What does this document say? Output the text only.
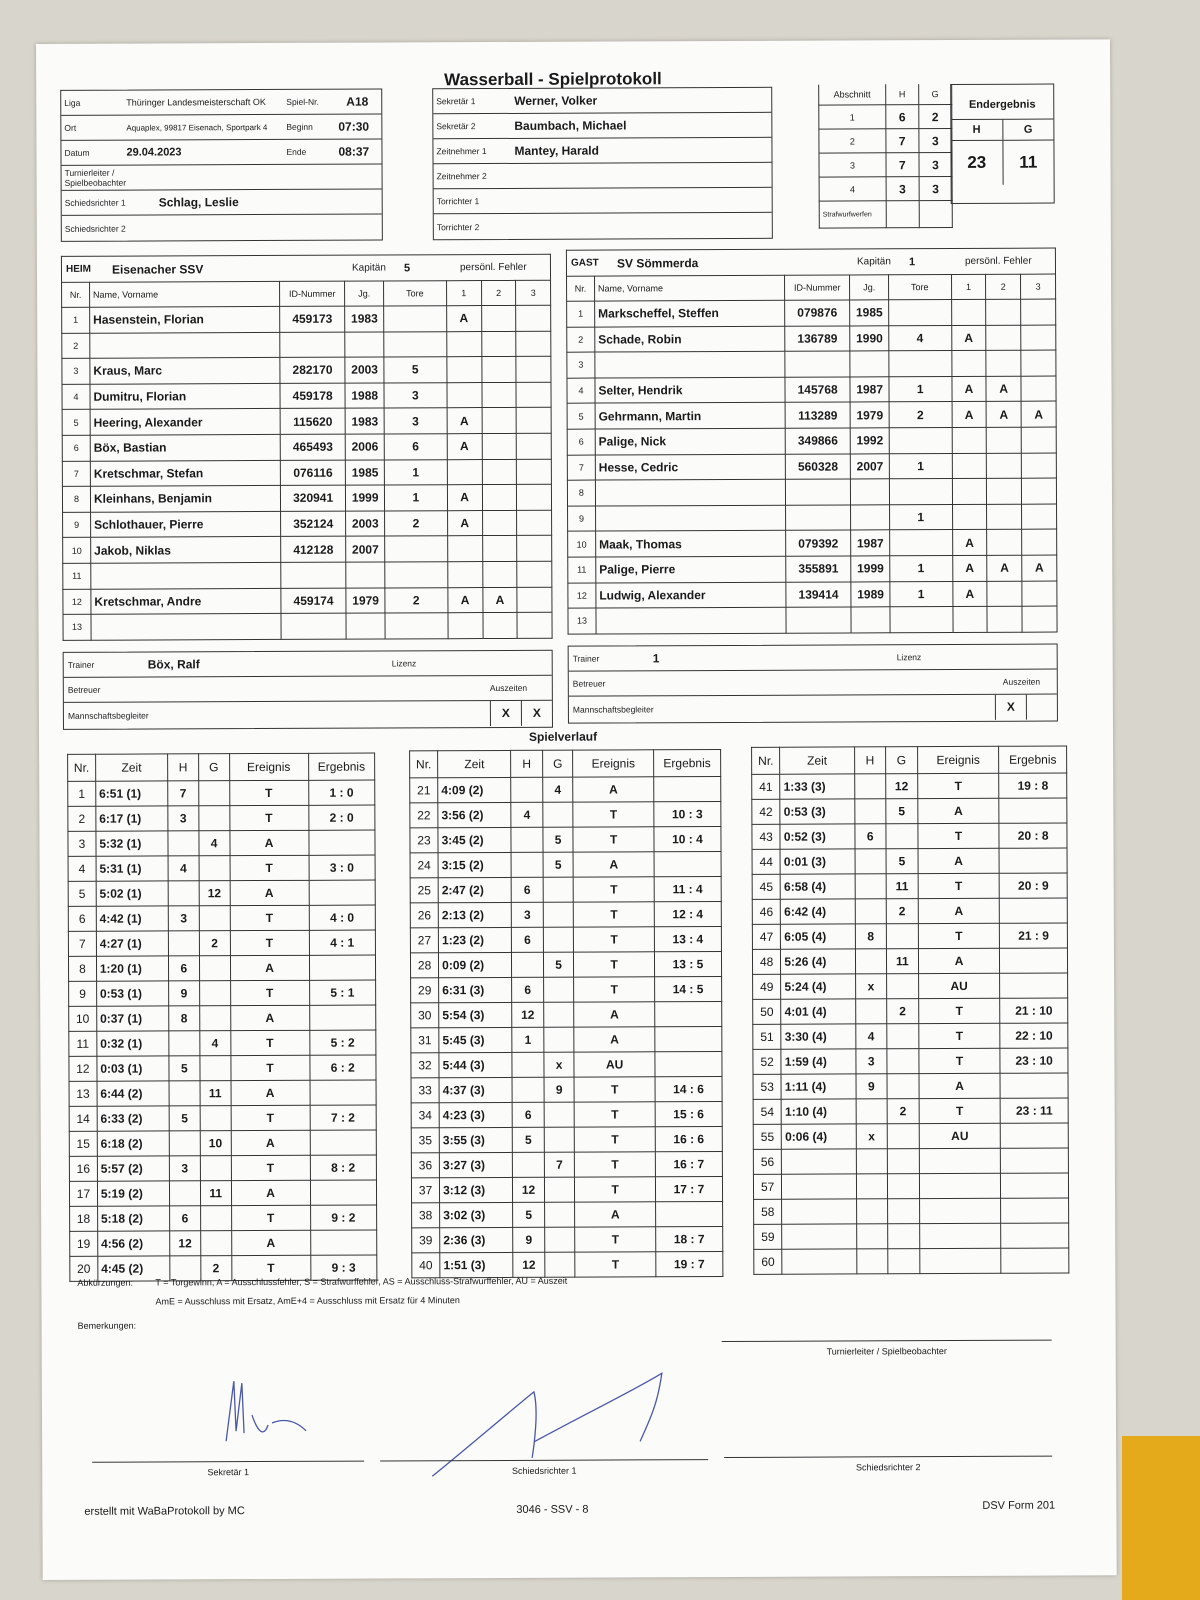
Wasserball - Spielprotokoll
Liga	Thüringer Landesmeisterschaft OK	Spiel-Nr.	A18
Ort	Aquaplex, 99817 Eisenach, Sportpark 4	Beginn	07:30
Datum	29.04.2023	Ende	08:37
Turnierleiter / Spielbeobachter
Schiedsrichter 1	Schlag, Leslie
Schiedsrichter 2
Sekretär 1	Werner, Volker
Sekretär 2	Baumbach, Michael
Zeitnehmer 1	Mantey, Harald
Zeitnehmer 2
Torrichter 1
Torrichter 2
Abschnitt	H	G
1	6	2
2	7	3
3	7	3
4	3	3
Strafwurfwerfen		
Endergebnis
H	G
23	11
HEIM	Eisenacher SSV	Kapitän	5	persönl. Fehler
Nr.	Name, Vorname	ID-Nummer	Jg.	Tore	1	2	3
1	Hasenstein, Florian	459173	1983		A		
2							
3	Kraus, Marc	282170	2003	5			
4	Dumitru, Florian	459178	1988	3			
5	Heering, Alexander	115620	1983	3	A		
6	Böx, Bastian	465493	2006	6	A		
7	Kretschmar, Stefan	076116	1985	1			
8	Kleinhans, Benjamin	320941	1999	1	A		
9	Schlothauer, Pierre	352124	2003	2	A		
10	Jakob, Niklas	412128	2007				
11							
12	Kretschmar, Andre	459174	1979	2	A	A	
13							
GAST	SV Sömmerda	Kapitän	1	persönl. Fehler
Nr.	Name, Vorname	ID-Nummer	Jg.	Tore	1	2	3
1	Markscheffel, Steffen	079876	1985				
2	Schade, Robin	136789	1990	4	A		
3							
4	Selter, Hendrik	145768	1987	1	A	A	
5	Gehrmann, Martin	113289	1979	2	A	A	A
6	Palige, Nick	349866	1992				
7	Hesse, Cedric	560328	2007	1			
8							
9				1			
10	Maak, Thomas	079392	1987		A		
11	Palige, Pierre	355891	1999	1	A	A	A
12	Ludwig, Alexander	139414	1989	1	A		
13							
Trainer	Böx, Ralf	Lizenz
Betreuer	Auszeiten
Mannschaftsbegleiter	X	X
Trainer	1	Lizenz
Betreuer	Auszeiten
Mannschaftsbegleiter	X
Spielverlauf
Nr.	Zeit	H	G	Ereignis	Ergebnis
1	6:51 (1)	7		T	1 : 0
2	6:17 (1)	3		T	2 : 0
3	5:32 (1)		4	A	
4	5:31 (1)	4		T	3 : 0
5	5:02 (1)		12	A	
6	4:42 (1)	3		T	4 : 0
7	4:27 (1)		2	T	4 : 1
8	1:20 (1)	6		A	
9	0:53 (1)	9		T	5 : 1
10	0:37 (1)	8		A	
11	0:32 (1)		4	T	5 : 2
12	0:03 (1)	5		T	6 : 2
13	6:44 (2)		11	A	
14	6:33 (2)	5		T	7 : 2
15	6:18 (2)		10	A	
16	5:57 (2)	3		T	8 : 2
17	5:19 (2)		11	A	
18	5:18 (2)	6		T	9 : 2
19	4:56 (2)	12		A	
20	4:45 (2)		2	T	9 : 3
Nr.	Zeit	H	G	Ereignis	Ergebnis
21	4:09 (2)		4	A	
22	3:56 (2)	4		T	10 : 3
23	3:45 (2)		5	T	10 : 4
24	3:15 (2)		5	A	
25	2:47 (2)	6		T	11 : 4
26	2:13 (2)	3		T	12 : 4
27	1:23 (2)	6		T	13 : 4
28	0:09 (2)		5	T	13 : 5
29	6:31 (3)	6		T	14 : 5
30	5:54 (3)	12		A	
31	5:45 (3)	1		A	
32	5:44 (3)		x	AU	
33	4:37 (3)		9	T	14 : 6
34	4:23 (3)	6		T	15 : 6
35	3:55 (3)	5		T	16 : 6
36	3:27 (3)		7	T	16 : 7
37	3:12 (3)	12		T	17 : 7
38	3:02 (3)	5		A	
39	2:36 (3)	9		T	18 : 7
40	1:51 (3)	12		T	19 : 7
Nr.	Zeit	H	G	Ereignis	Ergebnis
41	1:33 (3)		12	T	19 : 8
42	0:53 (3)		5	A	
43	0:52 (3)	6		T	20 : 8
44	0:01 (3)		5	A	
45	6:58 (4)		11	T	20 : 9
46	6:42 (4)		2	A	
47	6:05 (4)	8		T	21 : 9
48	5:26 (4)		11	A	
49	5:24 (4)	x		AU	
50	4:01 (4)		2	T	21 : 10
51	3:30 (4)	4		T	22 : 10
52	1:59 (4)	3		T	23 : 10
53	1:11 (4)	9		A	
54	1:10 (4)		2	T	23 : 11
55	0:06 (4)	x		AU	
56					
57					
58					
59					
60					
Abkürzungen: T = Torgewinn, A = Ausschlussfehler, S = Strafwurffehler, AS = Ausschluss-Strafwurffehler, AU = Auszeit
AmE = Ausschluss mit Ersatz, AmE+4 = Ausschluss mit Ersatz für 4 Minuten
Bemerkungen:
Turnierleiter / Spielbeobachter
Sekretär 1	Schiedsrichter 1	Schiedsrichter 2
erstellt mit WaBaProtokoll by MC	3046 - SSV - 8	DSV Form 201
